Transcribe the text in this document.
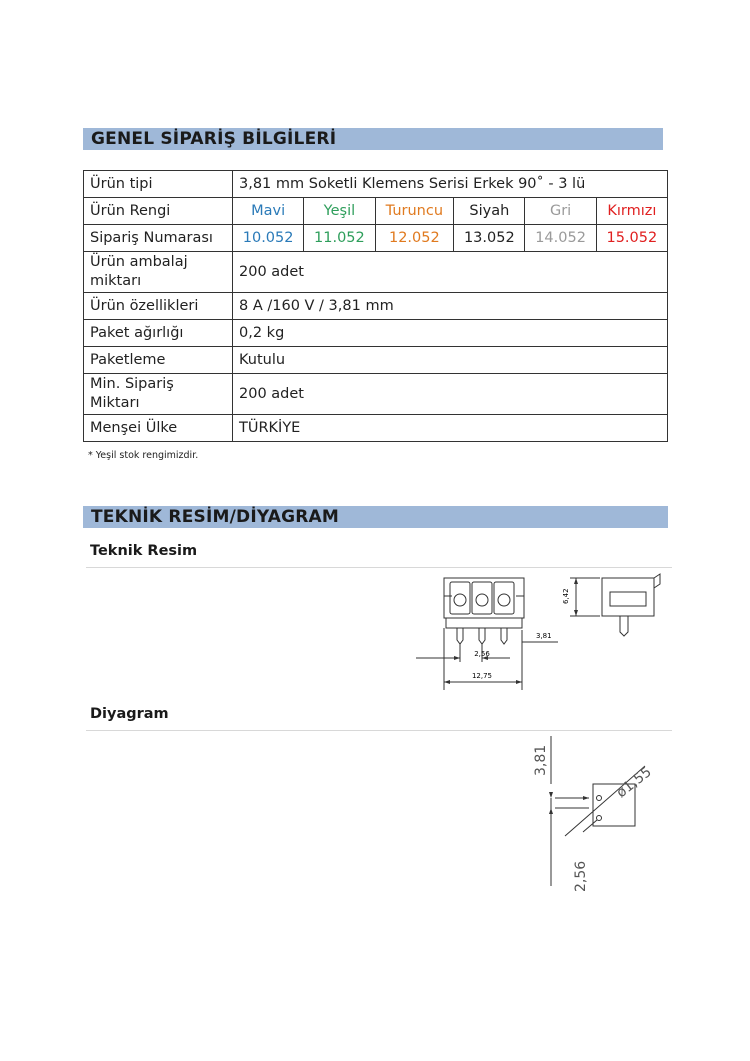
GENEL SİPARİŞ BİLGİLERİ
Ürün tipi	3,81 mm Soketli Klemens Serisi Erkek 90˚ - 3 lü					
Ürün Rengi	Mavi	Yeşil	Turuncu	Siyah	Gri	Kırmızı
Sipariş Numarası	10.052	11.052	12.052	13.052	14.052	15.052
Ürün ambalaj miktarı	200 adet					
Ürün özellikleri	8 A /160 V / 3,81 mm					
Paket ağırlığı	0,2 kg					
Paketleme	Kutulu					
Min. Sipariş Miktarı	200 adet					
Menşei Ülke	TÜRKİYE					
* Yeşil stok rengimizdir.
TEKNİK RESİM/DİYAGRAM
Teknik Resim
2,56
12,75
3,81
6,42
Diyagram
3,81
ø1,55
2,56
